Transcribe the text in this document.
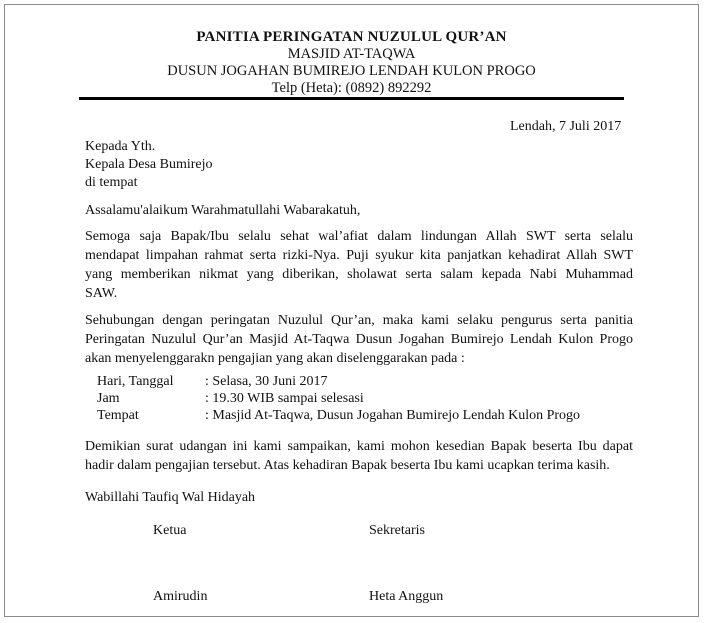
PANITIA PERINGATAN NUZULUL QUR’AN
MASJID AT-TAQWA
DUSUN JOGAHAN BUMIREJO LENDAH KULON PROGO
Telp (Heta): (0892) 892292
Lendah, 7 Juli 2017
Kepada Yth.
Kepala Desa Bumirejo
di tempat
Assalamu'alaikum Warahmatullahi Wabarakatuh,
Semoga saja Bapak/Ibu selalu sehat wal’afiat dalam lindungan Allah SWT serta selalu
mendapat limpahan rahmat serta rizki-Nya. Puji syukur kita panjatkan kehadirat Allah SWT
yang memberikan nikmat yang diberikan, sholawat serta salam kepada Nabi Muhammad
SAW.
Sehubungan dengan peringatan Nuzulul Qur’an, maka kami selaku pengurus serta panitia
Peringatan Nuzulul Qur’an Masjid At-Taqwa Dusun Jogahan Bumirejo Lendah Kulon Progo
akan menyelenggarakn pengajian yang akan diselenggarakan pada :
Hari, Tanggal : Selasa, 30 Juni 2017
Jam	: 19.30 WIB sampai selesasi
Tempat	: Masjid At-Taqwa, Dusun Jogahan Bumirejo Lendah Kulon Progo
Demikian surat udangan ini kami sampaikan, kami mohon kesedian Bapak beserta Ibu dapat
hadir dalam pengajian tersebut. Atas kehadiran Bapak beserta Ibu kami ucapkan terima kasih.
Wabillahi Taufiq Wal Hidayah
Ketua	Sekretaris
Amirudin	Heta Anggun
